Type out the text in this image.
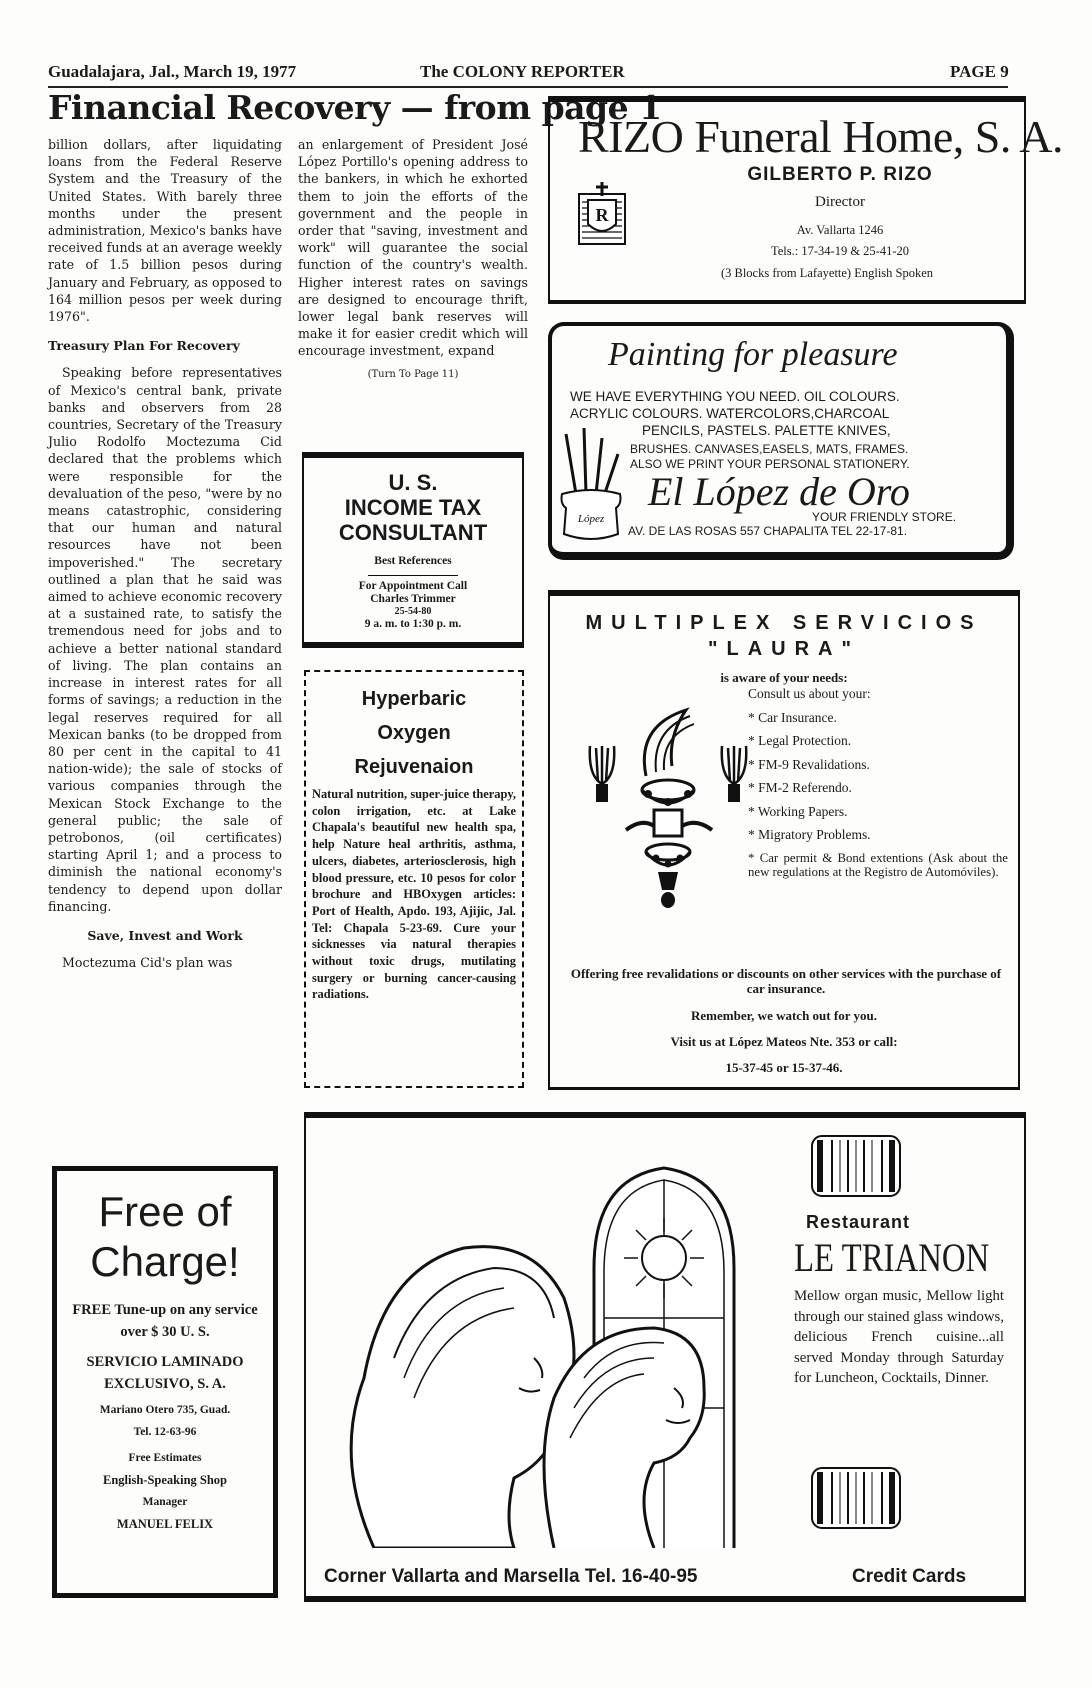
Guadalajara, Jal., March 19, 1977	The COLONY REPORTER	PAGE 9
Financial Recovery — from page 1

billion dollars, after liquidating loans from the Federal Reserve System and the Treasury of the United States. With barely three months under the present administration, Mexico's banks have received funds at an average weekly rate of 1.5 billion pesos during January and February, as opposed to 164 million pesos per week during 1976".

Treasury Plan For Recovery

Speaking before representatives of Mexico's central bank, private banks and observers from 28 countries, Secretary of the Treasury Julio Rodolfo Moctezuma Cid declared that the problems which were responsible for the devaluation of the peso, "were by no means catastrophic, considering that our human and natural resources have not been impoverished." The secretary outlined a plan that he said was aimed to achieve economic recovery at a sustained rate, to satisfy the tremendous need for jobs and to achieve a better national standard of living. The plan contains an increase in interest rates for all forms of savings; a reduction in the legal reserves required for all Mexican banks (to be dropped from 80 per cent in the capital to 41 nation-wide); the sale of stocks of various companies through the Mexican Stock Exchange to the general public; the sale of petrobonos, (oil certificates) starting April 1; and a process to diminish the national economy's tendency to depend upon dollar financing.

Save, Invest and Work

Moctezuma Cid's plan was

an enlargement of President José López Portillo's opening address to the bankers, in which he exhorted them to join the efforts of the government and the people in order that "saving, investment and work" will guarantee the social function of the country's wealth. Higher interest rates on savings are designed to encourage thrift, lower legal bank reserves will make it for easier credit which will encourage investment, expand

(Turn To Page 11)

U. S.
INCOME TAX
CONSULTANT
Best References
For Appointment Call
Charles Trimmer
25-54-80
9 a. m. to 1:30 p. m.
Hyperbaric
Oxygen
Rejuvenaion
Natural nutrition, super-juice therapy, colon irrigation, etc. at Lake Chapala's beautiful new health spa, help Nature heal arthritis, asthma, ulcers, diabetes, arteriosclerosis, high blood pressure, etc. 10 pesos for color brochure and HBOxygen articles: Port of Health, Apdo. 193, Ajijic, Jal. Tel: Chapala 5-23-69. Cure your sicknesses via natural therapies without toxic drugs, mutilating surgery or burning cancer-causing radiations.
Free of
Charge!
FREE Tune-up on any service over $ 30 U. S.
SERVICIO LAMINADO EXCLUSIVO, S. A.
Mariano Otero 735, Guad.
Tel. 12-63-96
Free Estimates
English-Speaking Shop
Manager
MANUEL FELIX
RIZO Funeral Home, S. A.
R
GILBERTO P. RIZO
Director
Av. Vallarta 1246
Tels.: 17-34-19 & 25-41-20
(3 Blocks from Lafayette) English Spoken
Painting for pleasure
WE HAVE EVERYTHING YOU NEED. OIL COLOURS.
ACRYLIC COLOURS. WATERCOLORS,CHARCOAL
PENCILS, PASTELS. PALETTE KNIVES,
BRUSHES. CANVASES,EASELS, MATS, FRAMES.
ALSO WE PRINT YOUR PERSONAL STATIONERY.
López
El López de Oro
YOUR FRIENDLY STORE.
AV. DE LAS ROSAS 557 CHAPALITA TEL 22-17-81.
MULTIPLEX SERVICIOS
"LAURA"
is aware of your needs:
Consult us about your:
* Car Insurance.
* Legal Protection.
* FM-9 Revalidations.
* FM-2 Referendo.
* Working Papers.
* Migratory Problems.
* Car permit & Bond extentions (Ask about the new regulations at the Registro de Automóviles).
Offering free revalidations or discounts on other services with the purchase of car insurance.
Remember, we watch out for you.
Visit us at López Mateos Nte. 353 or call:
15-37-45 or 15-37-46.
Restaurant
LE TRIANON
Mellow organ music, Mellow light through our stained glass windows, delicious French cuisine...all served Monday through Saturday for Luncheon, Cocktails, Dinner.
Corner Vallarta and Marsella Tel. 16-40-95	Credit Cards
